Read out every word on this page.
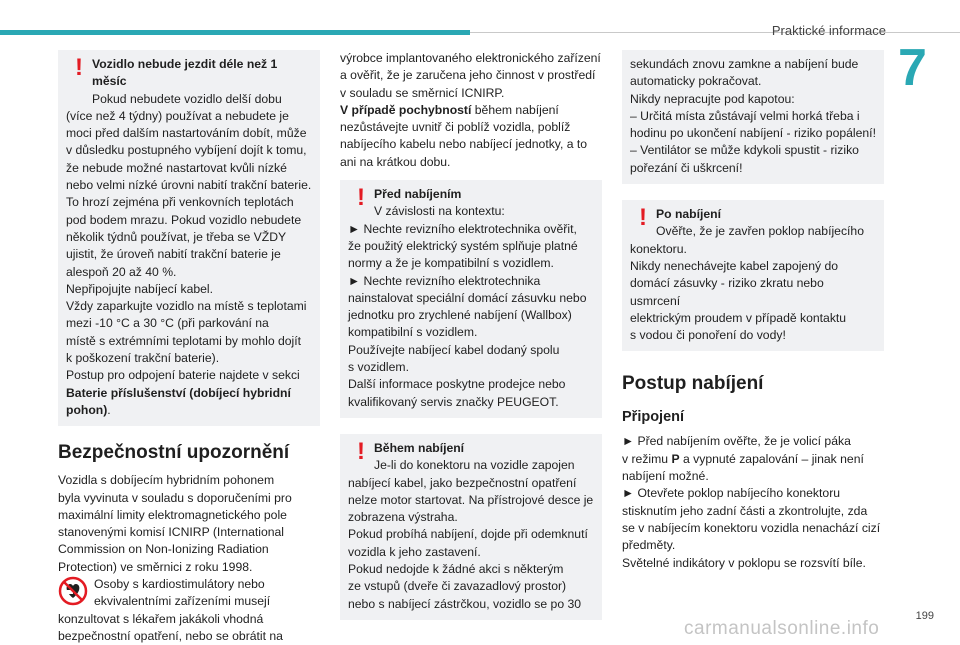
Praktické informace
7
! Vozidlo nebude jezdit déle než 1 měsíc

Pokud nebudete vozidlo delší dobu

(více než 4 týdny) používat a nebudete je

moci před dalším nastartováním dobít, může

v důsledku postupného vybíjení dojít k tomu,

že nebude možné nastartovat kvůli nízké

nebo velmi nízké úrovni nabití trakční baterie.

To hrozí zejména při venkovních teplotách

pod bodem mrazu. Pokud vozidlo nebudete

několik týdnů používat, je třeba se VŽDY

ujistit, že úroveň nabití trakční baterie je

alespoň 20 až 40 %.

Nepřipojujte nabíjecí kabel.

Vždy zaparkujte vozidlo na místě s teplotami

mezi -10 °C a 30 °C (při parkování na

místě s extrémními teplotami by mohlo dojít

k poškození trakční baterie).

Postup pro odpojení baterie najdete v sekci

Baterie příslušenství (dobíjecí hybridní

pohon).

Bezpečnostní upozornění

Vozidla s dobíjecím hybridním pohonem

byla vyvinuta v souladu s doporučeními pro

maximální limity elektromagnetického pole

stanovenými komisí ICNIRP (International

Commission on Non-Ionizing Radiation

Protection) ve směrnici z roku 1998.

Osoby s kardiostimulátory nebo

ekvivalentními zařízeními musejí

konzultovat s lékařem jakákoli vhodná

bezpečnostní opatření, nebo se obrátit na

výrobce implantovaného elektronického zařízení

a ověřit, že je zaručena jeho činnost v prostředí

v souladu se směrnicí ICNIRP.

V případě pochybností během nabíjení

nezůstávejte uvnitř či poblíž vozidla, poblíž

nabíjecího kabelu nebo nabíjecí jednotky, a to

ani na krátkou dobu.

! Před nabíjením

V závislosti na kontextu:

► Nechte revizního elektrotechnika ověřit,

že použitý elektrický systém splňuje platné

normy a že je kompatibilní s vozidlem.

► Nechte revizního elektrotechnika

nainstalovat speciální domácí zásuvku nebo

jednotku pro zrychlené nabíjení (Wallbox)

kompatibilní s vozidlem.

Používejte nabíjecí kabel dodaný spolu

s vozidlem.

Další informace poskytne prodejce nebo

kvalifikovaný servis značky PEUGEOT.

! Během nabíjení

Je-li do konektoru na vozidle zapojen

nabíjecí kabel, jako bezpečnostní opatření

nelze motor startovat. Na přístrojové desce je

zobrazena výstraha.

Pokud probíhá nabíjení, dojde při odemknutí

vozidla k jeho zastavení.

Pokud nedojde k žádné akci s některým

ze vstupů (dveře či zavazadlový prostor)

nebo s nabíjecí zástrčkou, vozidlo se po 30

sekundách znovu zamkne a nabíjení bude

automaticky pokračovat.

Nikdy nepracujte pod kapotou:

– Určitá místa zůstávají velmi horká třeba i

hodinu po ukončení nabíjení - riziko popálení!

– Ventilátor se může kdykoli spustit - riziko

pořezání či uškrcení!

! Po nabíjení

Ověřte, že je zavřen poklop nabíjecího

konektoru.

Nikdy nenechávejte kabel zapojený do

domácí zásuvky - riziko zkratu nebo usmrcení

elektrickým proudem v případě kontaktu

s vodou či ponoření do vody!

Postup nabíjení
Připojení

► Před nabíjením ověřte, že je volicí páka

v režimu P a vypnuté zapalování – jinak není

nabíjení možné.

► Otevřete poklop nabíjecího konektoru

stisknutím jeho zadní části a zkontrolujte, zda

se v nabíjecím konektoru vozidla nenachází cizí

předměty.

Světelné indikátory v poklopu se rozsvítí bíle.

199
carmanualsonline.info
